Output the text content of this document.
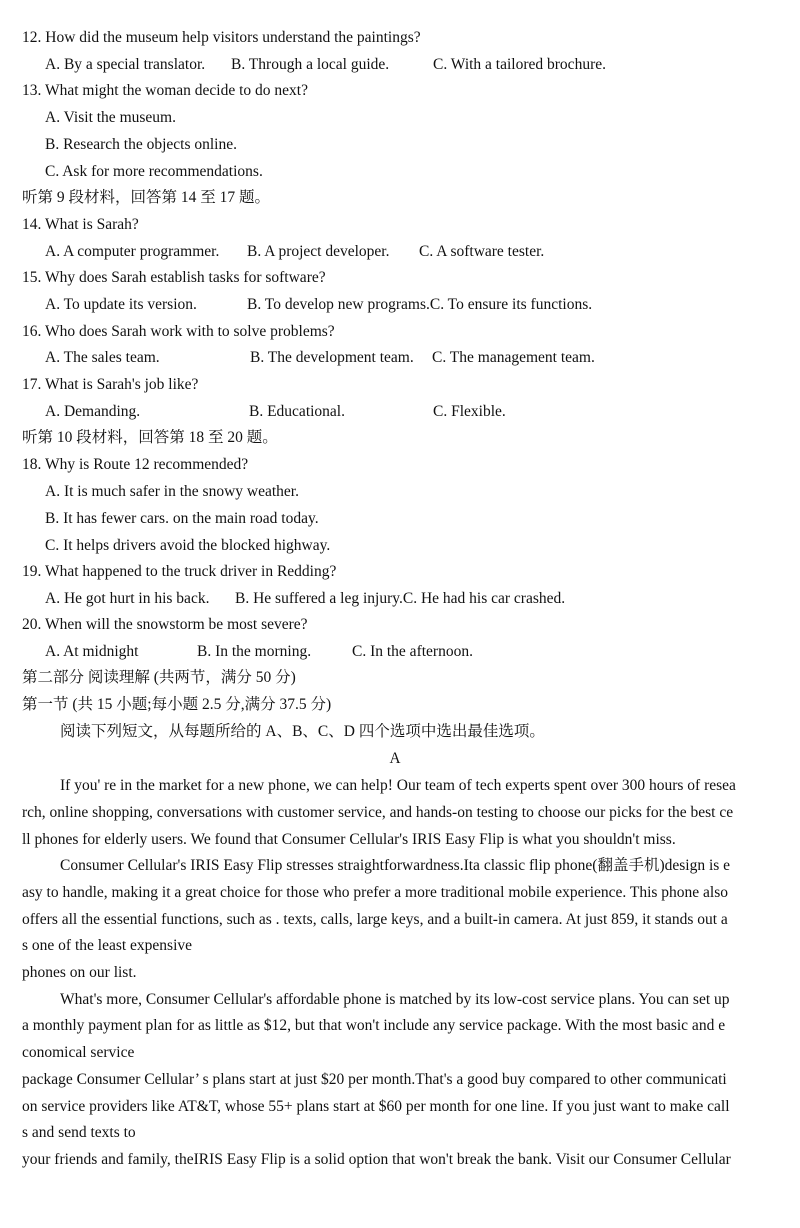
12. How did the museum help visitors understand the paintings?
A. By a special translator. B. Through a local guide.	C. With a tailored brochure.
13. What might the woman decide to do next?
A. Visit the museum.
B. Research the objects online.
C. Ask for more recommendations.
听第 9 段材料，回答第 14 至 17 题。
14. What is Sarah?
A. A computer programmer. B. A project developer. C. A software tester.
15. Why does Sarah establish tasks for software?
A. To update its version.	B. To develop new programs.C. To ensure its functions.
16. Who does Sarah work with to solve problems?
A. The sales team.	B. The development team. C. The management team.
17. What is Sarah's job like?
A. Demanding.	B. Educational.	C. Flexible.
听第 10 段材料，回答第 18 至 20 题。
18. Why is Route 12 recommended?
A. It is much safer in the snowy weather.
B. It has fewer cars. on the main road today.
C. It helps drivers avoid the blocked highway.
19. What happened to the truck driver in Redding?
A. He got hurt in his back. B. He suffered a leg injury.C. He had his car crashed.
20. When will the snowstorm be most severe?
A. At midnight	B. In the morning.	C. In the afternoon.
第二部分 阅读理解 (共两节，满分 50 分)
第一节 (共 15 小题;每小题 2.5 分,满分 37.5 分)
阅读下列短文，从每题所给的 A、B、C、D 四个选项中选出最佳选项。
A
If you' re in the market for a new phone, we can help! Our team of tech experts spent over 300 hours of resea
rch, online shopping, conversations with customer service, and hands-on testing to choose our picks for the best ce
ll phones for elderly users. We found that Consumer Cellular's IRIS Easy Flip is what you shouldn't miss.
Consumer Cellular's IRIS Easy Flip stresses straightforwardness.Ita classic flip phone(翻盖手机)design is e
asy to handle, making it a great choice for those who prefer a more traditional mobile experience. This phone also
offers all the essential functions, such as . texts, calls, large keys, and a built-in camera. At just 859, it stands out a
s one of the least expensive
phones on our list.
What's more, Consumer Cellular's affordable phone is matched by its low-cost service plans. You can set up
a monthly payment plan for as little as $12, but that won't include any service package. With the most basic and e
conomical service
package Consumer Cellular’ s plans start at just $20 per month.That's a good buy compared to other communicati
on service providers like AT&T, whose 55+ plans start at $60 per month for one line. If you just want to make call
s and send texts to
your friends and family, theIRIS Easy Flip is a solid option that won't break the bank. Visit our Consumer Cellular
